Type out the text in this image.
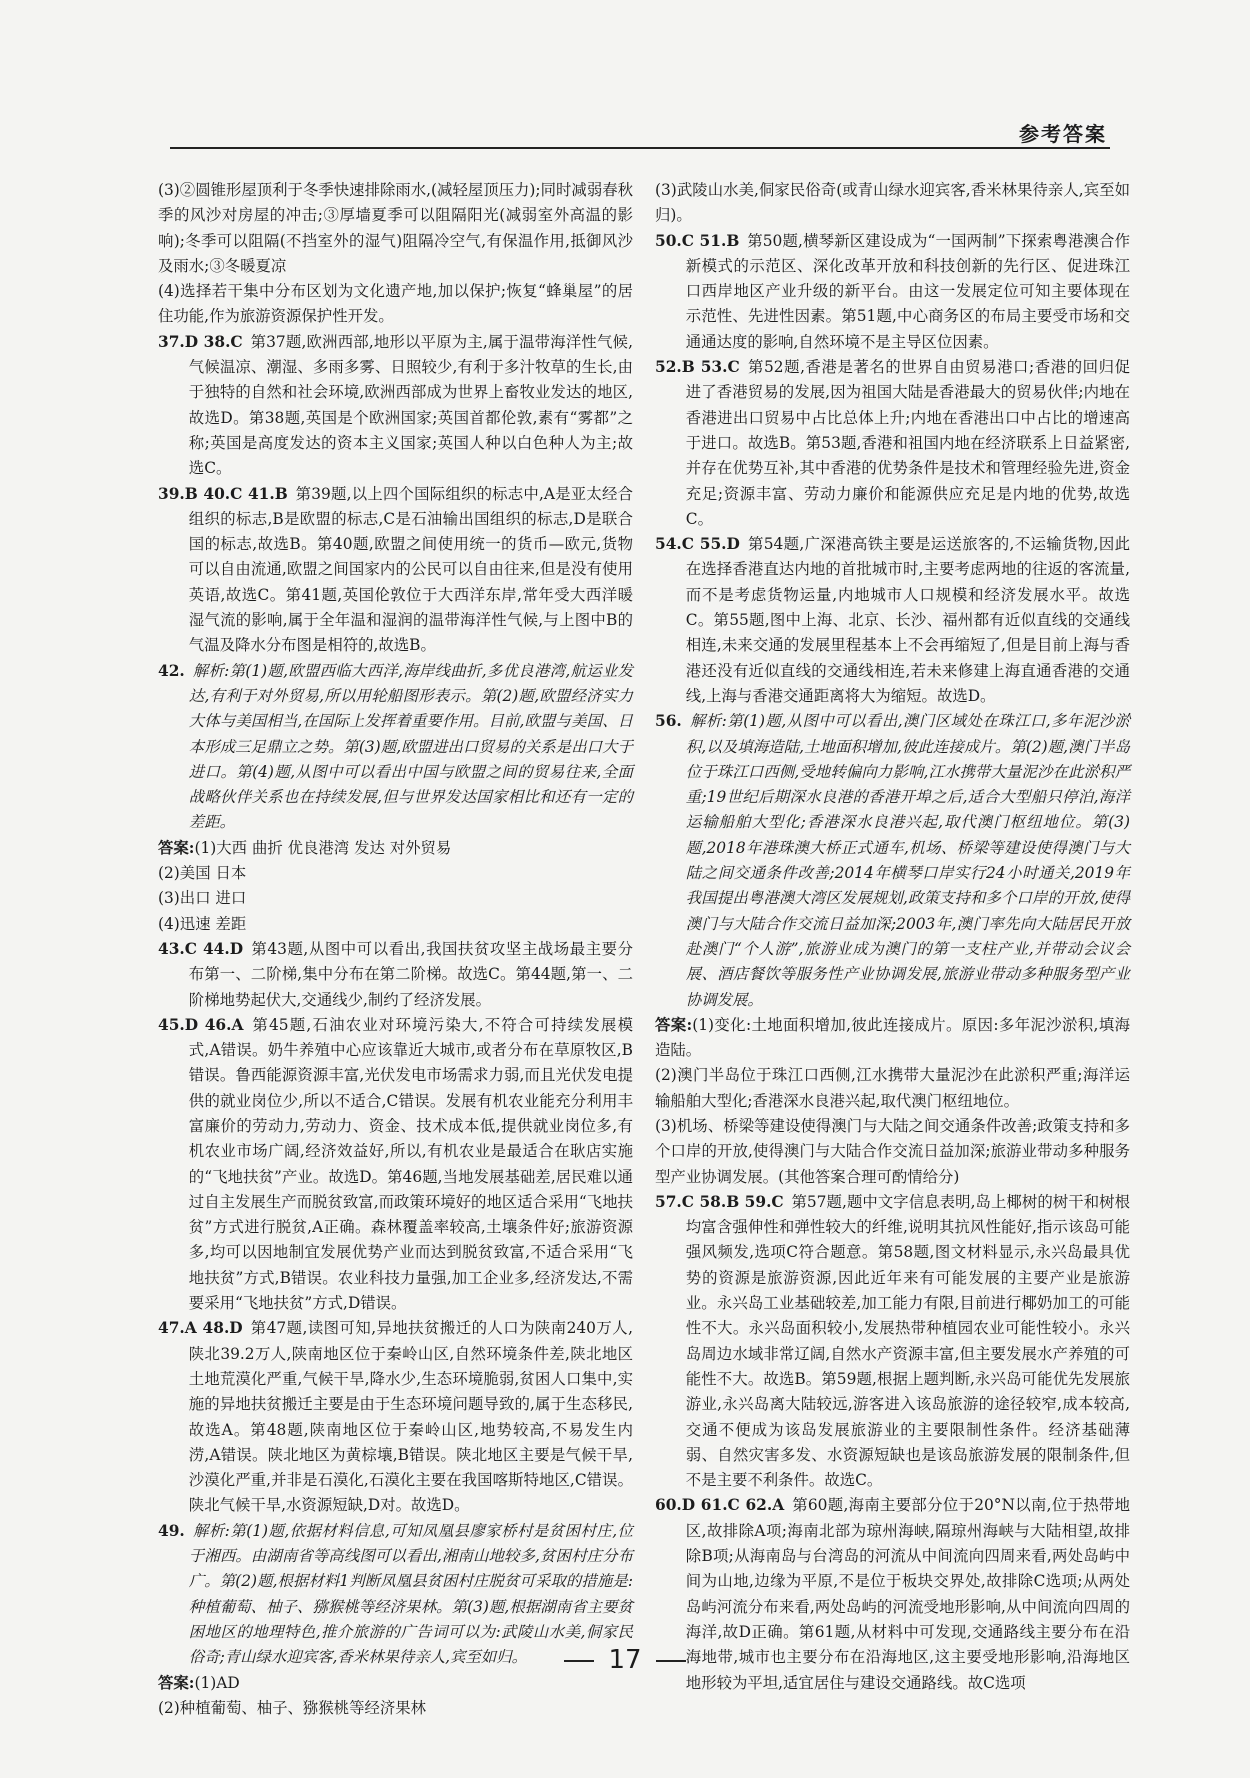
参考答案

(3)②圆锥形屋顶利于冬季快速排除雨水,(减轻屋顶压力);同时减弱春秋季的风沙对房屋的冲击;③厚墙夏季可以阻隔阳光(减弱室外高温的影响);冬季可以阻隔(不挡室外的湿气)阻隔冷空气,有保温作用,抵御风沙及雨水;③冬暖夏凉

(4)选择若干集中分布区划为文化遗产地,加以保护;恢复“蜂巢屋”的居住功能,作为旅游资源保护性开发。

37.D 38.C 第37题,欧洲西部,地形以平原为主,属于温带海洋性气候,气候温凉、潮湿、多雨多雾、日照较少,有利于多汁牧草的生长,由于独特的自然和社会环境,欧洲西部成为世界上畜牧业发达的地区,故选D。第38题,英国是个欧洲国家;英国首都伦敦,素有“雾都”之称;英国是高度发达的资本主义国家;英国人种以白色种人为主;故选C。

39.B 40.C 41.B 第39题,以上四个国际组织的标志中,A是亚太经合组织的标志,B是欧盟的标志,C是石油输出国组织的标志,D是联合国的标志,故选B。第40题,欧盟之间使用统一的货币—欧元,货物可以自由流通,欧盟之间国家内的公民可以自由往来,但是没有使用英语,故选C。第41题,英国伦敦位于大西洋东岸,常年受大西洋暖湿气流的影响,属于全年温和湿润的温带海洋性气候,与上图中B的气温及降水分布图是相符的,故选B。

42. 解析:第(1)题,欧盟西临大西洋,海岸线曲折,多优良港湾,航运业发达,有利于对外贸易,所以用轮船图形表示。第(2)题,欧盟经济实力大体与美国相当,在国际上发挥着重要作用。目前,欧盟与美国、日本形成三足鼎立之势。第(3)题,欧盟进出口贸易的关系是出口大于进口。第(4)题,从图中可以看出中国与欧盟之间的贸易往来,全面战略伙伴关系也在持续发展,但与世界发达国家相比和还有一定的差距。

答案:(1)大西 曲折 优良港湾 发达 对外贸易

(2)美国 日本

(3)出口 进口

(4)迅速 差距

43.C 44.D 第43题,从图中可以看出,我国扶贫攻坚主战场最主要分布第一、二阶梯,集中分布在第二阶梯。故选C。第44题,第一、二阶梯地势起伏大,交通线少,制约了经济发展。

45.D 46.A 第45题,石油农业对环境污染大,不符合可持续发展模式,A错误。奶牛养殖中心应该靠近大城市,或者分布在草原牧区,B错误。鲁西能源资源丰富,光伏发电市场需求力弱,而且光伏发电提供的就业岗位少,所以不适合,C错误。发展有机农业能充分利用丰富廉价的劳动力,劳动力、资金、技术成本低,提供就业岗位多,有机农业市场广阔,经济效益好,所以,有机农业是最适合在耿店实施的“飞地扶贫”产业。故选D。第46题,当地发展基础差,居民难以通过自主发展生产而脱贫致富,而政策环境好的地区适合采用“飞地扶贫”方式进行脱贫,A正确。森林覆盖率较高,土壤条件好;旅游资源多,均可以因地制宜发展优势产业而达到脱贫致富,不适合采用“飞地扶贫”方式,B错误。农业科技力量强,加工企业多,经济发达,不需要采用“飞地扶贫”方式,D错误。

47.A 48.D 第47题,读图可知,异地扶贫搬迁的人口为陕南240万人,陕北39.2万人,陕南地区位于秦岭山区,自然环境条件差,陕北地区土地荒漠化严重,气候干旱,降水少,生态环境脆弱,贫困人口集中,实施的异地扶贫搬迁主要是由于生态环境问题导致的,属于生态移民,故选A。第48题,陕南地区位于秦岭山区,地势较高,不易发生内涝,A错误。陕北地区为黄棕壤,B错误。陕北地区主要是气候干旱,沙漠化严重,并非是石漠化,石漠化主要在我国喀斯特地区,C错误。陕北气候干旱,水资源短缺,D对。故选D。

49. 解析:第(1)题,依据材料信息,可知凤凰县廖家桥村是贫困村庄,位于湘西。由湖南省等高线图可以看出,湘南山地较多,贫困村庄分布广。第(2)题,根据材料1判断凤凰县贫困村庄脱贫可采取的措施是:种植葡萄、柚子、猕猴桃等经济果林。第(3)题,根据湖南省主要贫困地区的地理特色,推介旅游的广告词可以为:武陵山水美,侗家民俗奇;青山绿水迎宾客,香米林果待亲人,宾至如归。

答案:(1)AD

(2)种植葡萄、柚子、猕猴桃等经济果林

(3)武陵山水美,侗家民俗奇(或青山绿水迎宾客,香米林果待亲人,宾至如归)。

50.C 51.B 第50题,横琴新区建设成为“一国两制”下探索粤港澳合作新模式的示范区、深化改革开放和科技创新的先行区、促进珠江口西岸地区产业升级的新平台。由这一发展定位可知主要体现在示范性、先进性因素。第51题,中心商务区的布局主要受市场和交通通达度的影响,自然环境不是主导区位因素。

52.B 53.C 第52题,香港是著名的世界自由贸易港口;香港的回归促进了香港贸易的发展,因为祖国大陆是香港最大的贸易伙伴;内地在香港进出口贸易中占比总体上升;内地在香港出口中占比的增速高于进口。故选B。第53题,香港和祖国内地在经济联系上日益紧密,并存在优势互补,其中香港的优势条件是技术和管理经验先进,资金充足;资源丰富、劳动力廉价和能源供应充足是内地的优势,故选C。

54.C 55.D 第54题,广深港高铁主要是运送旅客的,不运输货物,因此在选择香港直达内地的首批城市时,主要考虑两地的往返的客流量,而不是考虑货物运量,内地城市人口规模和经济发展水平。故选C。第55题,图中上海、北京、长沙、福州都有近似直线的交通线相连,未来交通的发展里程基本上不会再缩短了,但是目前上海与香港还没有近似直线的交通线相连,若未来修建上海直通香港的交通线,上海与香港交通距离将大为缩短。故选D。

56. 解析:第(1)题,从图中可以看出,澳门区域处在珠江口,多年泥沙淤积,以及填海造陆,土地面积增加,彼此连接成片。第(2)题,澳门半岛位于珠江口西侧,受地转偏向力影响,江水携带大量泥沙在此淤积严重;19世纪后期深水良港的香港开埠之后,适合大型船只停泊,海洋运输船舶大型化;香港深水良港兴起,取代澳门枢纽地位。第(3)题,2018年港珠澳大桥正式通车,机场、桥梁等建设使得澳门与大陆之间交通条件改善;2014年横琴口岸实行24小时通关,2019年我国提出粤港澳大湾区发展规划,政策支持和多个口岸的开放,使得澳门与大陆合作交流日益加深;2003年,澳门率先向大陆居民开放赴澳门“个人游”,旅游业成为澳门的第一支柱产业,并带动会议会展、酒店餐饮等服务性产业协调发展,旅游业带动多种服务型产业协调发展。

答案:(1)变化:土地面积增加,彼此连接成片。原因:多年泥沙淤积,填海造陆。

(2)澳门半岛位于珠江口西侧,江水携带大量泥沙在此淤积严重;海洋运输船舶大型化;香港深水良港兴起,取代澳门枢纽地位。

(3)机场、桥梁等建设使得澳门与大陆之间交通条件改善;政策支持和多个口岸的开放,使得澳门与大陆合作交流日益加深;旅游业带动多种服务型产业协调发展。(其他答案合理可酌情给分)

57.C 58.B 59.C 第57题,题中文字信息表明,岛上椰树的树干和树根均富含强伸性和弹性较大的纤维,说明其抗风性能好,指示该岛可能强风频发,选项C符合题意。第58题,图文材料显示,永兴岛最具优势的资源是旅游资源,因此近年来有可能发展的主要产业是旅游业。永兴岛工业基础较差,加工能力有限,目前进行椰奶加工的可能性不大。永兴岛面积较小,发展热带种植园农业可能性较小。永兴岛周边水域非常辽阔,自然水产资源丰富,但主要发展水产养殖的可能性不大。故选B。第59题,根据上题判断,永兴岛可能优先发展旅游业,永兴岛离大陆较远,游客进入该岛旅游的途径较窄,成本较高,交通不便成为该岛发展旅游业的主要限制性条件。经济基础薄弱、自然灾害多发、水资源短缺也是该岛旅游发展的限制条件,但不是主要不利条件。故选C。

60.D 61.C 62.A 第60题,海南主要部分位于20°N以南,位于热带地区,故排除A项;海南北部为琼州海峡,隔琼州海峡与大陆相望,故排除B项;从海南岛与台湾岛的河流从中间流向四周来看,两处岛屿中间为山地,边缘为平原,不是位于板块交界处,故排除C选项;从两处岛屿河流分布来看,两处岛屿的河流受地形影响,从中间流向四周的海洋,故D正确。第61题,从材料中可发现,交通路线主要分布在沿海地带,城市也主要分布在沿海地区,这主要受地形影响,沿海地区地形较为平坦,适宜居住与建设交通路线。故C选项

17
